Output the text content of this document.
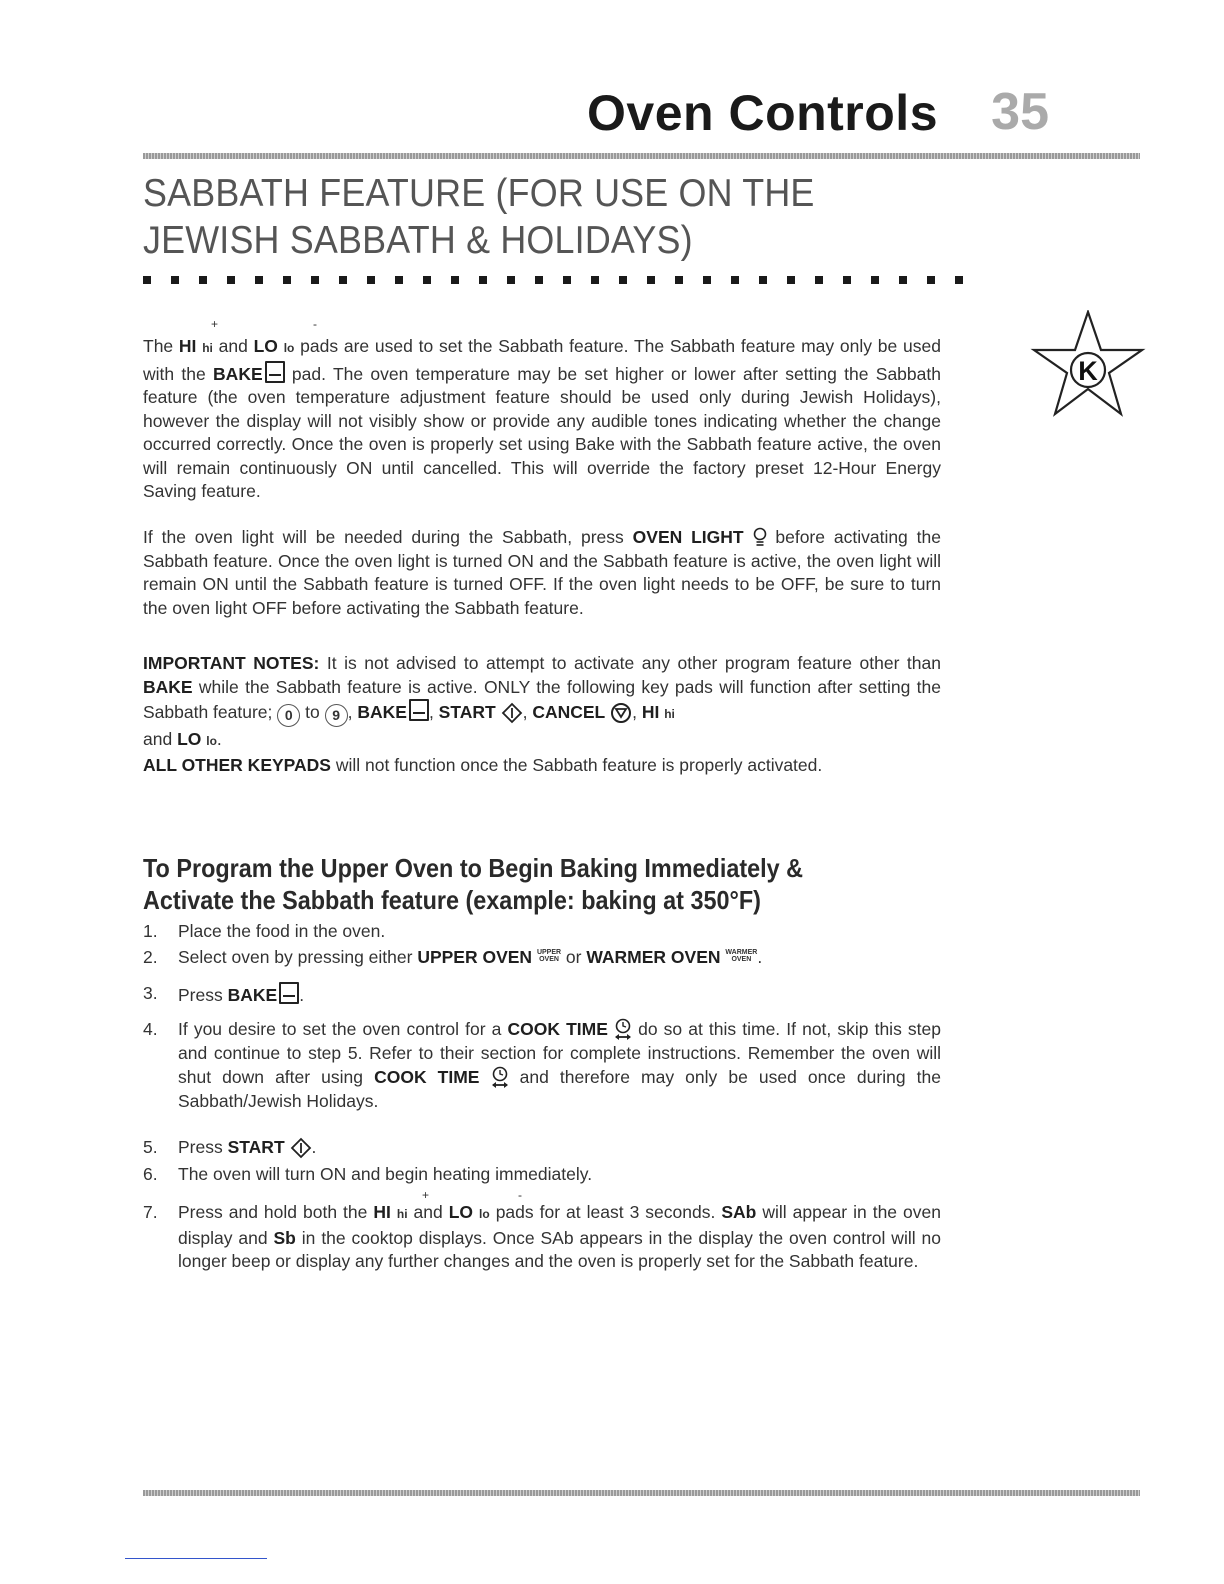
Oven Controls 35
SABBATH FEATURE (FOR USE ON THE JEWISH SABBATH & HOLIDAYS)
K
+	-
The HI hi and LO lo pads are used to set the Sabbath feature. The Sabbath feature may only be used with the BAKE pad. The oven temperature may be set higher or lower after setting the Sabbath feature (the oven temperature adjustment feature should be used only during Jewish Holidays), however the display will not visibly show or provide any audible tones indicating whether the change occurred correctly. Once the oven is properly set using Bake with the Sabbath feature active, the oven will remain continuously ON until cancelled. This will override the factory preset 12-Hour Energy Saving feature.
If the oven light will be needed during the Sabbath, press OVEN LIGHT  before activating the Sabbath feature. Once the oven light is turned ON and the Sabbath feature is active, the oven light will remain ON until the Sabbath feature is turned OFF. If the oven light needs to be OFF, be sure to turn the oven light OFF before activating the Sabbath feature.
IMPORTANT NOTES: It is not advised to attempt to activate any other program feature other than BAKE while the Sabbath feature is active. ONLY the following key pads will function after setting the Sabbath feature; 0 to 9 , BAKE , START , CANCEL , HI hi
and LO lo.
ALL OTHER KEYPADS will not function once the Sabbath feature is properly activated.
To Program the Upper Oven to Begin Baking Immediately & Activate the Sabbath feature (example: baking at 350°F)
1.	Place the food in the oven.
2.	Select oven by pressing either UPPER OVEN UPPER
OVEN or WARMER OVEN WARMER
OVEN .
3.	Press BAKE .
4.	If you desire to set the oven control for a COOK TIME  do so at this time. If not, skip this step and continue to step 5. Refer to their section for complete instructions. Remember the oven will shut down after using COOK TIME  and therefore may only be used once during the Sabbath/Jewish Holidays.
5.	Press START .
6.	The oven will turn ON and begin heating immediately.
+	-
7.	Press and hold both the HI hi and LO lo pads for at least 3 seconds. SAb will appear in the oven display and Sb in the cooktop displays. Once SAb appears in the display the oven control will no longer beep or display any further changes and the oven is properly set for the Sabbath feature.
